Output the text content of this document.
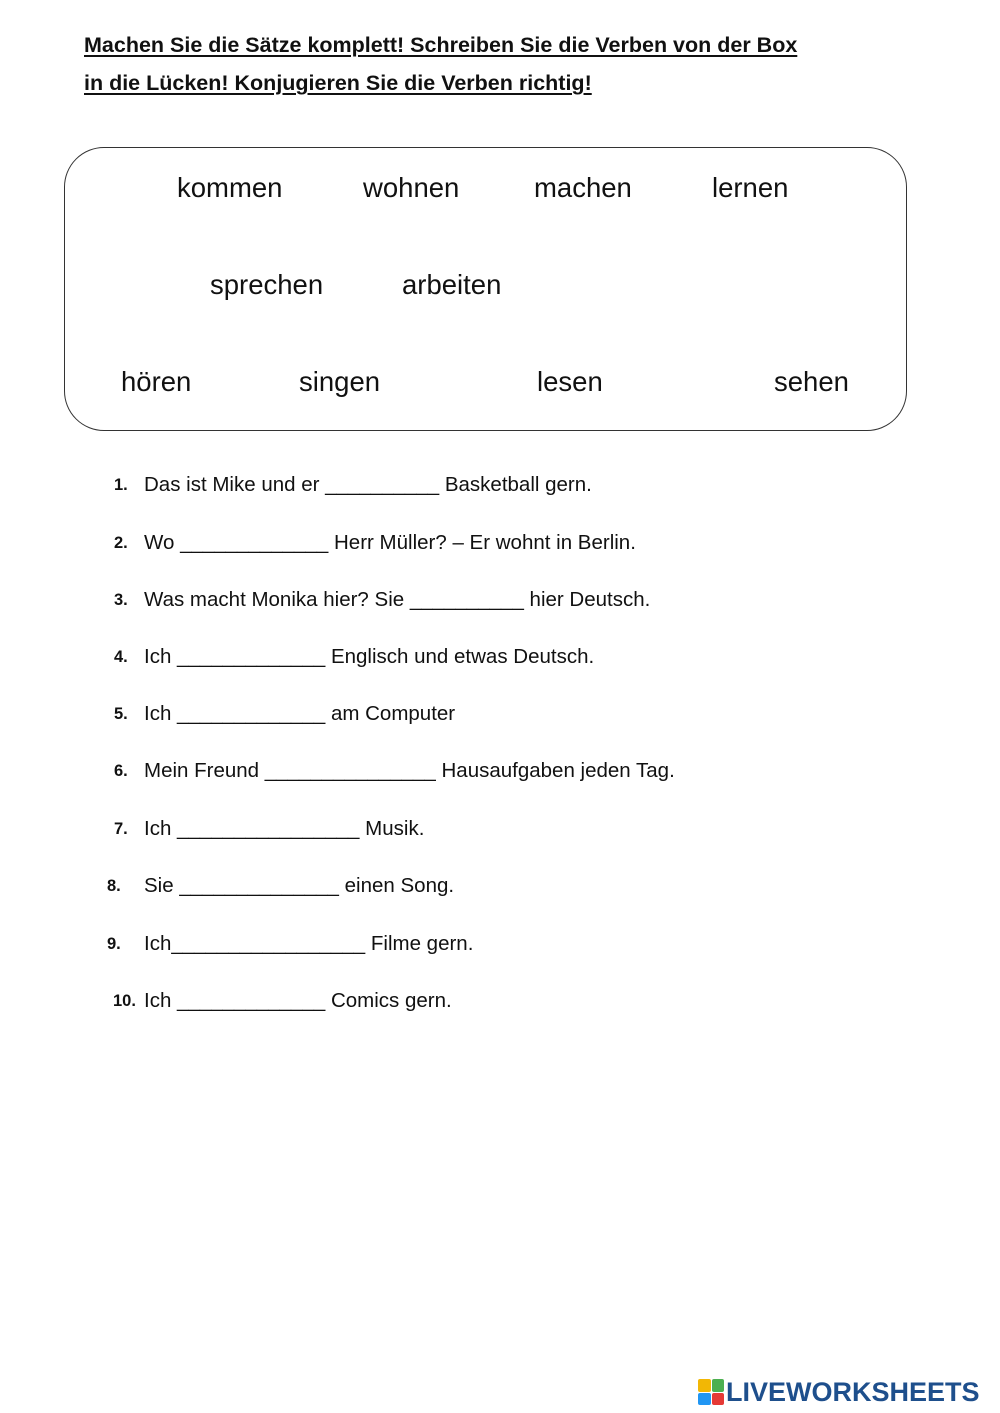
Machen Sie die Sätze komplett! Schreiben Sie die Verben von der Box
in die Lücken! Konjugieren Sie die Verben richtig!
kommen	wohnen	machen	lernen
sprechen	arbeiten
hören	singen	lesen	sehen
1. Das ist Mike und er __________ Basketball gern.
2. Wo _____________ Herr Müller? – Er wohnt in Berlin.
3. Was macht Monika hier? Sie __________ hier Deutsch.
4. Ich _____________ Englisch und etwas Deutsch.
5. Ich _____________ am Computer
6. Mein Freund _______________ Hausaufgaben jeden Tag.
7. Ich ________________ Musik.
8. Sie ______________ einen Song.
9. Ich_________________ Filme gern.
10. Ich _____________ Comics gern.
LIVEWORKSHEETS
